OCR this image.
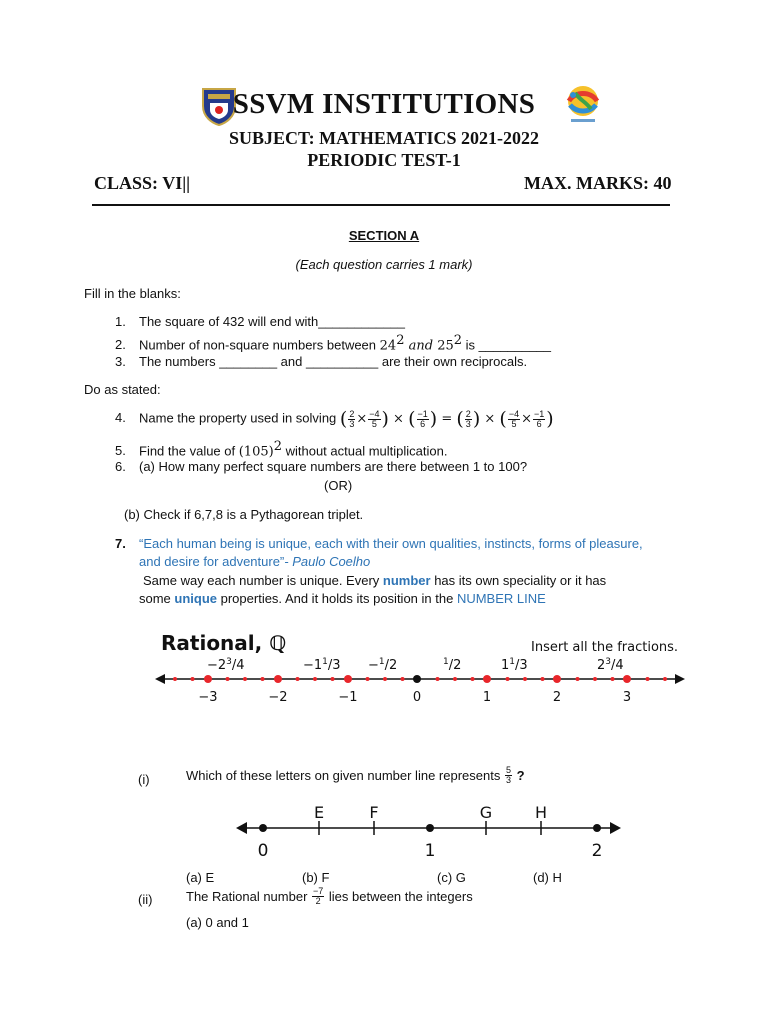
SSVM INSTITUTIONS
SUBJECT: MATHEMATICS 2021-2022
PERIODIC TEST-1
CLASS: VI||	MAX. MARKS: 40
SECTION A
(Each question carries 1 mark)
Fill in the blanks:
1. The square of 432 will end with____________
2. Number of non-square numbers between $24^2$ and $25^2$ is __________
3. The numbers ________ and __________ are their own reciprocals.
Do as stated:
4. Name the property used in solving ( $\frac{2}{3} \times \frac{-4}{5}$ ) × ( $\frac{-1}{6}$ ) = ( $\frac{2}{3}$ ) × ( $\frac{-4}{5} \times \frac{-1}{6}$ )
5. Find the value of $(105)^2$ without actual multiplication.
6. (a) How many perfect square numbers are there between 1 to 100?
(OR)
(b) Check if 6,7,8 is a Pythagorean triplet.
7. “Each human being is unique, each with their own qualities, instincts, forms of pleasure,
and desire for adventure”- Paulo Coelho
Same way each number is unique. Every number has its own speciality or it has
some unique properties. And it holds its position in the NUMBER LINE
Rational, ℚ	Insert all the fractions.
$-2^3/4$	$-1^1/3 -^1/2$	1/2	$1^1/3$	$2^3/4$
−3	−2	−1	0	1	2	3
(i)	Which of these letters on given number line represents $\frac{5}{3}$ ?
E	F	G	H
0	1	2
(a) E	(b) F	(c) G	(d) H
(ii)	The Rational number $\frac{-7}{2}$ lies between the integers
(a) 0 and 1
